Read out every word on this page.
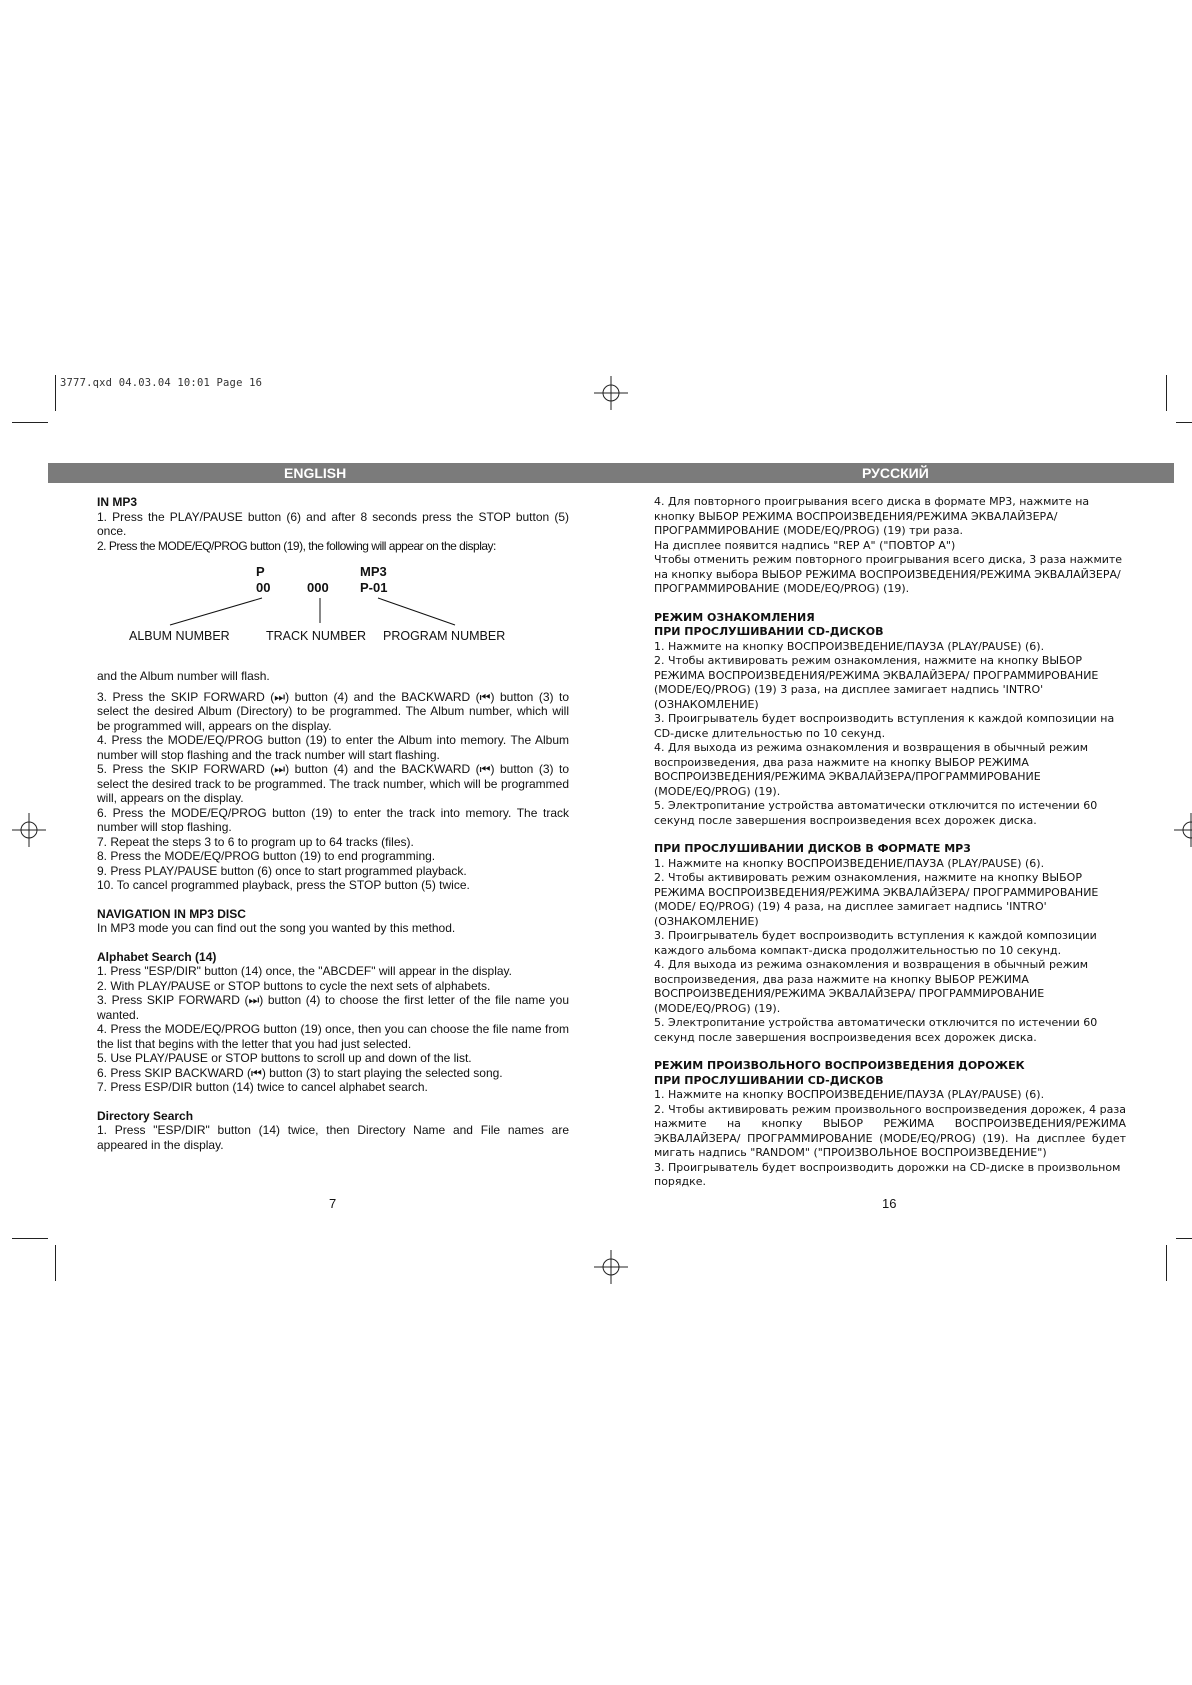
3777.qxd 04.03.04 10:01 Page 16
ENGLISH	РУССКИЙ

IN MP3

1. Press the PLAY/PAUSE button (6) and after 8 seconds press the STOP button (5) once.

2. Press the MODE/EQ/PROG button (19), the following will appear on the display:

P	MP3
00	000 P-01
ALBUM NUMBER	TRACK NUMBER PROGRAM NUMBER

and the Album number will flash.

3. Press the SKIP FORWARD (⏭) button (4) and the BACKWARD (⏮) button (3) to select the desired Album (Directory) to be programmed. The Album number, which will be programmed will, appears on the display.

4. Press the MODE/EQ/PROG button (19) to enter the Album into memory. The Album number will stop flashing and the track number will start flashing.

5. Press the SKIP FORWARD (⏭) button (4) and the BACKWARD (⏮) button (3) to select the desired track to be programmed. The track number, which will be programmed will, appears on the display.

6. Press the MODE/EQ/PROG button (19) to enter the track into memory. The track number will stop flashing.

7. Repeat the steps 3 to 6 to program up to 64 tracks (files).

8. Press the MODE/EQ/PROG button (19) to end programming.

9. Press PLAY/PAUSE button (6) once to start programmed playback.

10. To cancel programmed playback, press the STOP button (5) twice.

NAVIGATION IN MP3 DISC

In MP3 mode you can find out the song you wanted by this method.

Alphabet Search (14)

1. Press "ESP/DIR" button (14) once, the "ABCDEF" will appear in the display.

2. With PLAY/PAUSE or STOP buttons to cycle the next sets of alphabets.

3. Press SKIP FORWARD (⏭) button (4) to choose the first letter of the file name you wanted.

4. Press the MODE/EQ/PROG button (19) once, then you can choose the file name from the list that begins with the letter that you had just selected.

5. Use PLAY/PAUSE or STOP buttons to scroll up and down of the list.

6. Press SKIP BACKWARD (⏮) button (3) to start playing the selected song.

7. Press ESP/DIR button (14) twice to cancel alphabet search.

Directory Search

1. Press "ESP/DIR" button (14) twice, then Directory Name and File names are appeared in the display.

7

4. Для повторного проигрывания всего диска в формате MP3, нажмите на кнопку ВЫБОР РЕЖИМА ВОСПРОИЗВЕДЕНИЯ/РЕЖИМА ЭКВАЛАЙЗЕРА/ ПРОГРАММИРОВАНИЕ (MODE/EQ/PROG) (19) три раза.

На дисплее появится надпись "REP A" ("ПОВТОР A")

Чтобы отменить режим повторного проигрывания всего диска, 3 раза нажмите на кнопку выбора ВЫБОР РЕЖИМА ВОСПРОИЗВЕДЕНИЯ/РЕЖИМА ЭКВАЛАЙЗЕРА/ ПРОГРАММИРОВАНИЕ (MODE/EQ/PROG) (19).

РЕЖИМ ОЗНАКОМЛЕНИЯ

ПРИ ПРОСЛУШИВАНИИ CD-ДИСКОВ

1. Нажмите на кнопку ВОСПРОИЗВЕДЕНИЕ/ПАУЗА (PLAY/PAUSE) (6).

2. Чтобы активировать режим ознакомления, нажмите на кнопку ВЫБОР РЕЖИМА ВОСПРОИЗВЕДЕНИЯ/РЕЖИМА ЭКВАЛАЙЗЕРА/ ПРОГРАММИРОВАНИЕ (MODE/EQ/PROG) (19) 3 раза, на дисплее замигает надпись 'INTRO' (ОЗНАКОМЛЕНИЕ)

3. Проигрыватель будет воспроизводить вступления к каждой композиции на CD-диске длительностью по 10 секунд.

4. Для выхода из режима ознакомления и возвращения в обычный режим воспроизведения, два раза нажмите на кнопку ВЫБОР РЕЖИМА ВОСПРОИЗВЕДЕНИЯ/РЕЖИМА ЭКВАЛАЙЗЕРА/ПРОГРАММИРОВАНИЕ (MODE/EQ/PROG) (19).

5. Электропитание устройства автоматически отключится по истечении 60 секунд после завершения воспроизведения всех дорожек диска.

ПРИ ПРОСЛУШИВАНИИ ДИСКОВ В ФОРМАТЕ MP3

1. Нажмите на кнопку ВОСПРОИЗВЕДЕНИЕ/ПАУЗА (PLAY/PAUSE) (6).

2. Чтобы активировать режим ознакомления, нажмите на кнопку ВЫБОР РЕЖИМА ВОСПРОИЗВЕДЕНИЯ/РЕЖИМА ЭКВАЛАЙЗЕРА/ ПРОГРАММИРОВАНИЕ (MODE/ EQ/PROG) (19) 4 раза, на дисплее замигает надпись 'INTRO' (ОЗНАКОМЛЕНИЕ)

3. Проигрыватель будет воспроизводить вступления к каждой композиции каждого альбома компакт-диска продолжительностью по 10 секунд.

4. Для выхода из режима ознакомления и возвращения в обычный режим воспроизведения, два раза нажмите на кнопку ВЫБОР РЕЖИМА ВОСПРОИЗВЕДЕНИЯ/РЕЖИМА ЭКВАЛАЙЗЕРА/ ПРОГРАММИРОВАНИЕ (MODE/EQ/PROG) (19).

5. Электропитание устройства автоматически отключится по истечении 60 секунд после завершения воспроизведения всех дорожек диска.

РЕЖИМ ПРОИЗВОЛЬНОГО ВОСПРОИЗВЕДЕНИЯ ДОРОЖЕК

ПРИ ПРОСЛУШИВАНИИ CD-ДИСКОВ

1. Нажмите на кнопку ВОСПРОИЗВЕДЕНИЕ/ПАУЗА (PLAY/PAUSE) (6).

2. Чтобы активировать режим произвольного воспроизведения дорожек, 4 раза нажмите на кнопку ВЫБОР РЕЖИМА ВОСПРОИЗВЕДЕНИЯ/РЕЖИМА ЭКВАЛАЙЗЕРА/ ПРОГРАММИРОВАНИЕ (MODE/EQ/PROG) (19). На дисплее будет мигать надпись "RANDOM" ("ПРОИЗВОЛЬНОЕ ВОСПРОИЗВЕДЕНИЕ")

3. Проигрыватель будет воспроизводить дорожки на CD-диске в произвольном порядке.

16
